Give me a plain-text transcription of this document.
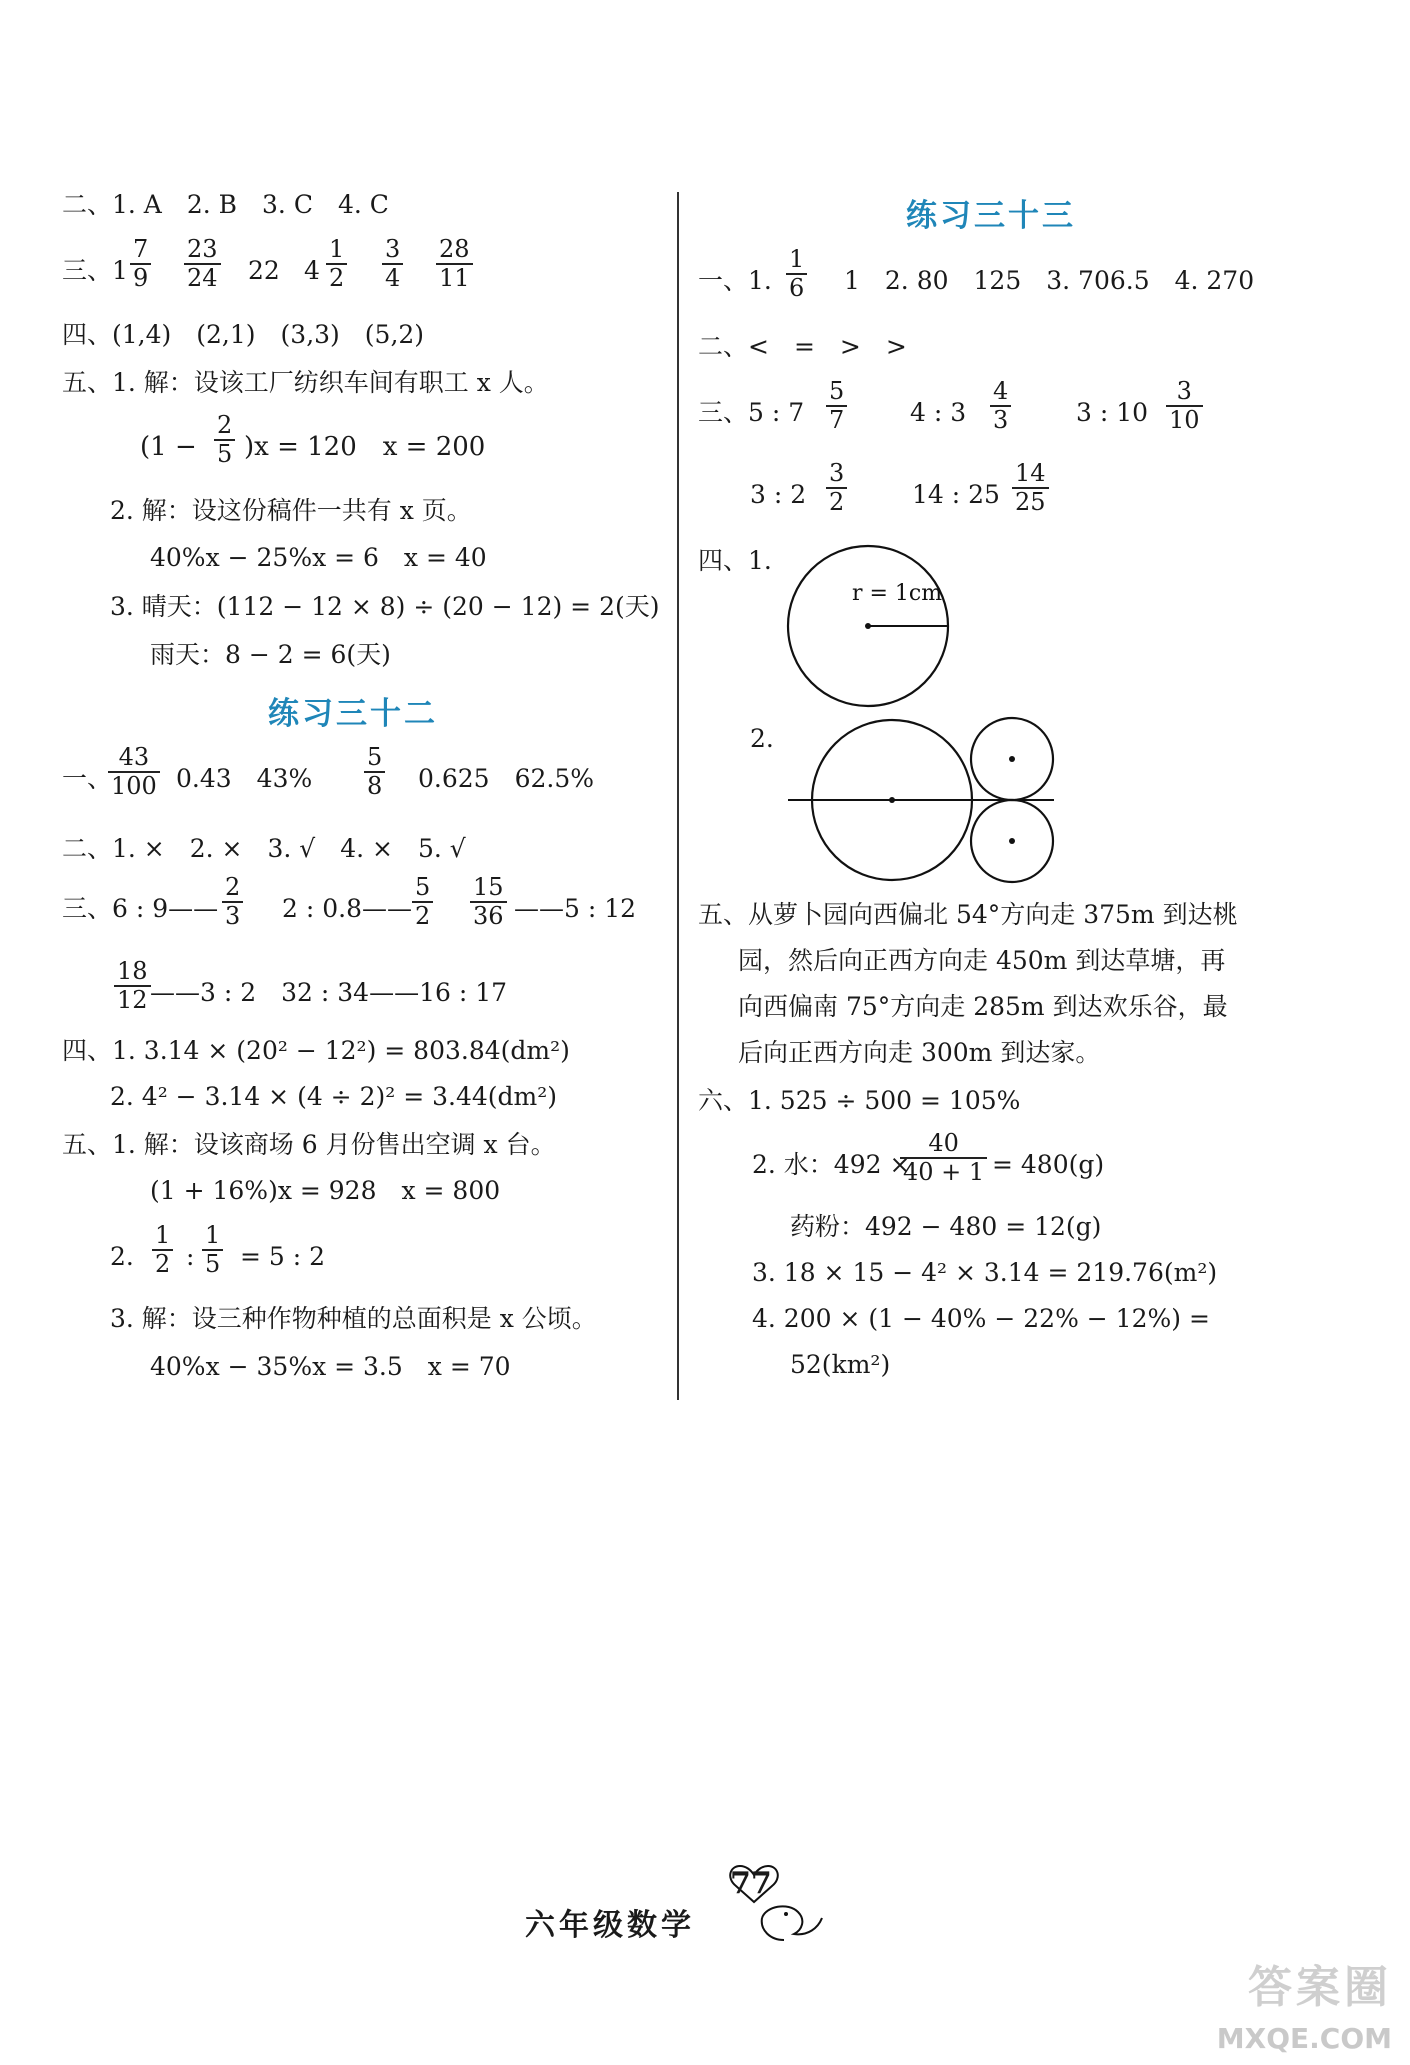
二、1. A　2. B　3. C　4. C
三、1
7
9
23
24 22 4
1
2
3
4
28
11
四、(1,4)　(2,1)　(3,3)　(5,2)
五、1. 解：设该工厂纺织车间有职工 x 人。
(1 −
2
5 )x = 120　x = 200
2. 解：设这份稿件一共有 x 页。
40%x − 25%x = 6　x = 40
3. 晴天：(112 − 12 × 8) ÷ (20 − 12) = 2(天)
雨天：8 − 2 = 6(天)
练习三十二
一、
43
100 0.43　43%
5
8 0.625　62.5%
二、1. ×　2. ×　3. √　4. ×　5. √
三、6 : 9——
2
3 2 : 0.8——
5
2
15
36 ——5 : 12
18
12 ——3 : 2　32 : 34——16 : 17
四、1. 3.14 × (20² − 12²) = 803.84(dm²)
2. 4² − 3.14 × (4 ÷ 2)² = 3.44(dm²)
五、1. 解：设该商场 6 月份售出空调 x 台。
(1 + 16%)x = 928　x = 800
2.
1
2 :
1
5 = 5 : 2
3. 解：设三种作物种植的总面积是 x 公顷。
40%x − 35%x = 3.5　x = 70
练习三十三
一、1.
1
6 1　2. 80　125　3. 706.5　4. 270
二、<　=　>　>
三、5 : 7
5
7	4 : 3
4
3	3 : 10
3
10
3 : 2
3
2	14 : 25
14
25
四、1.
r = 1cm
2.
五、从萝卜园向西偏北 54°方向走 375m 到达桃
园，然后向正西方向走 450m 到达草塘，再
向西偏南 75°方向走 285m 到达欢乐谷，最
后向正西方向走 300m 到达家。
六、1. 525 ÷ 500 = 105%
2. 水：492 ×
40
40 + 1 = 480(g)
药粉：492 − 480 = 12(g)
3. 18 × 15 − 4² × 3.14 = 219.76(m²)
4. 200 × (1 − 40% − 22% − 12%) =
52(km²)
77
六年级数学
答案圈
MXQE.COM
